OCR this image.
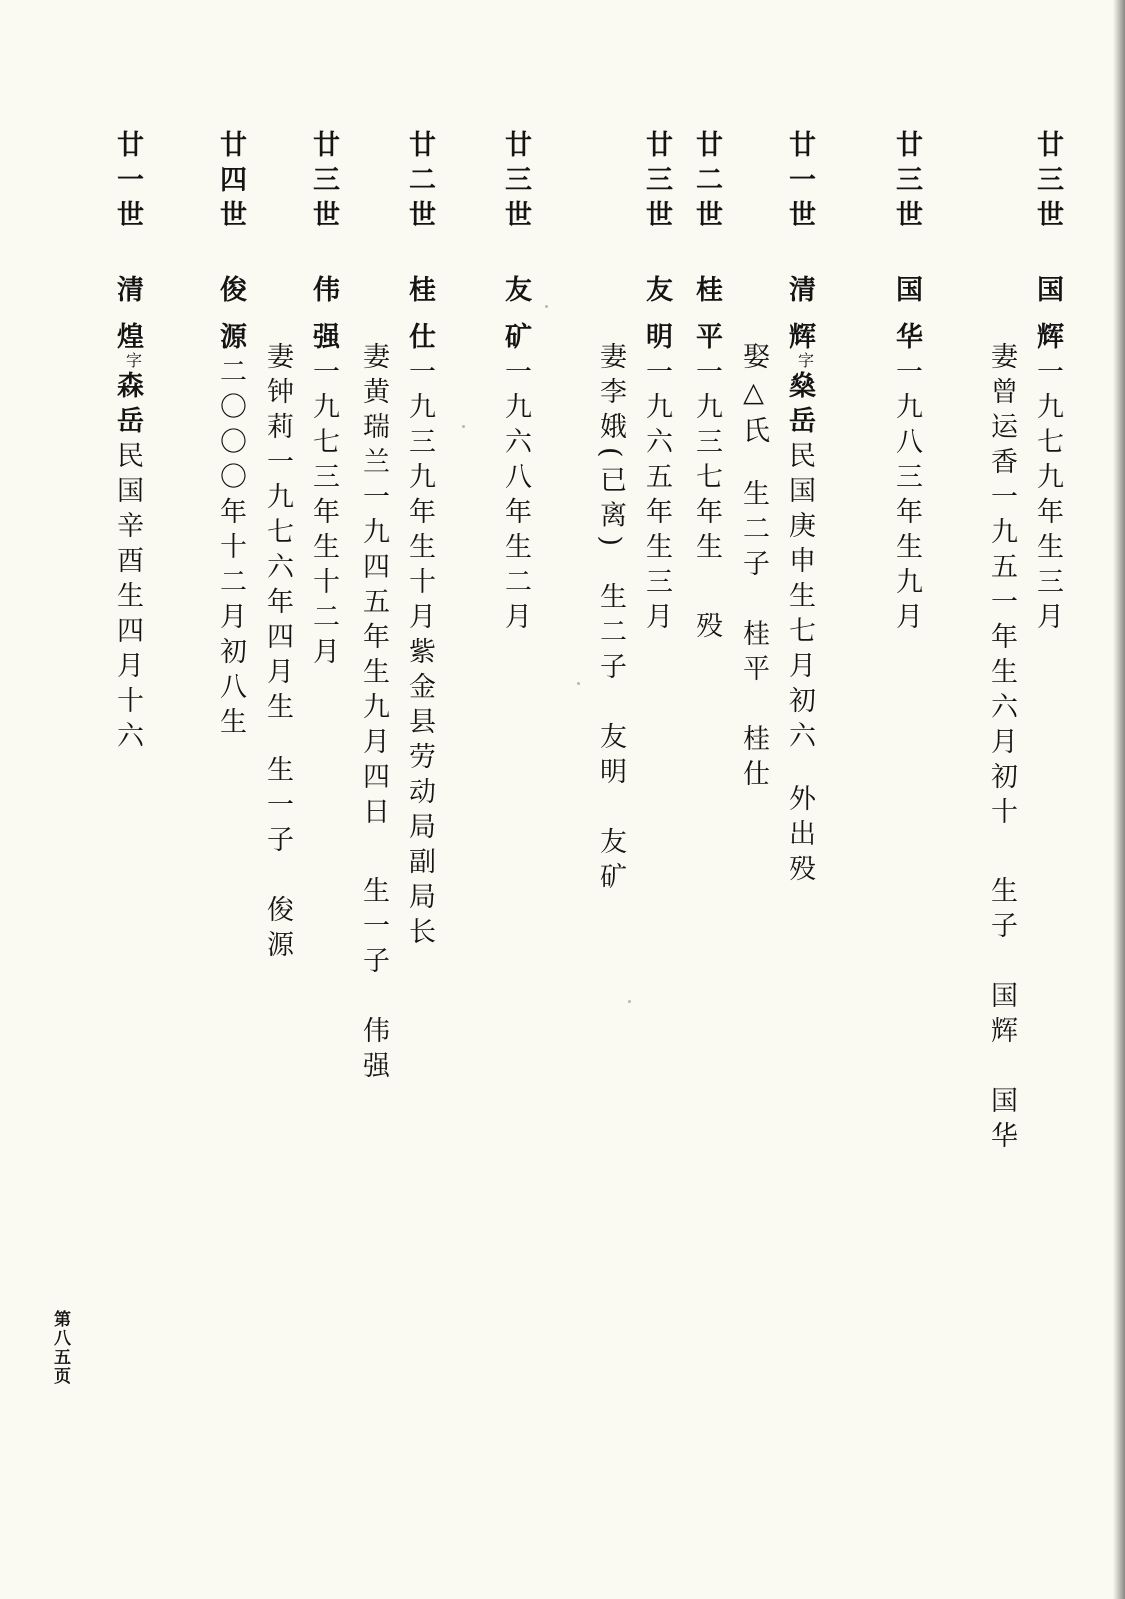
廿三世国辉一九七九年生三月
妻曾运香一九五一年生六月初十生子　国辉　国华
廿三世国华一九八三年生九月
廿一世清辉字燊岳民国庚申生七月初六外出殁
娶△氏生二子　桂平　桂仕
廿二世桂平一九三七年生殁
廿三世友明一九六五年生三月
妻李娥(已离)生二子　友明　友矿
廿三世友矿一九六八年生二月
廿二世桂仕一九三九年生十月紫金县劳动局副局长
妻黄瑞兰一九四五年生九月四日生一子　伟强
廿三世伟强一九七三年生十二月
妻钟莉一九七六年四月生生一子　俊源
廿四世俊源二〇〇〇年十二月初八生
廿一世清煌字森岳民国辛酉生四月十六
第八五页
